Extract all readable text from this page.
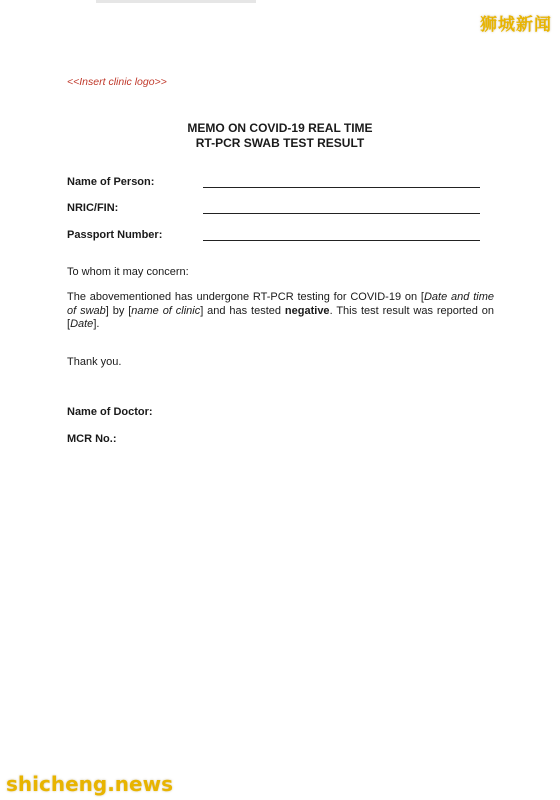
狮城新闻
<<Insert clinic logo>>
MEMO ON COVID-19 REAL TIME
RT-PCR SWAB TEST RESULT
Name of Person:
NRIC/FIN:
Passport Number:
To whom it may concern:
The abovementioned has undergone RT-PCR testing for COVID-19 on [Date and time of swab] by [name of clinic] and has tested negative. This test result was reported on [Date].
Thank you.
Name of Doctor:
MCR No.:
shicheng.news
